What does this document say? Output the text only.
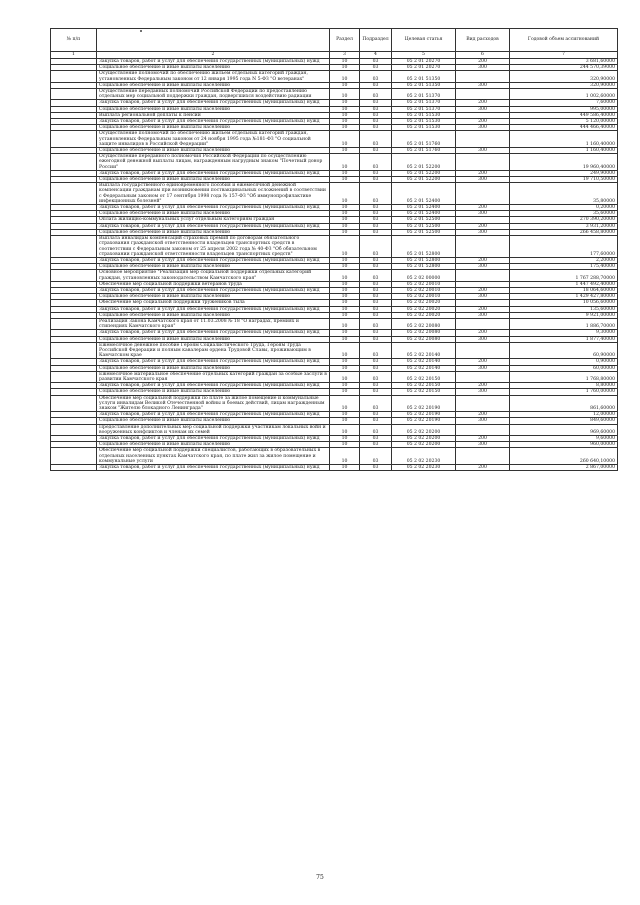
№ п/п		Раздел	Подраздел	Целевая статья	Вид расходов	Годовой объем ассигнований
1	2	3	4	5	6	7
	Закупка товаров, работ и услуг для обеспечения государственных (муниципальных) нужд	10	03	05 2 01 20270	200	3 681,60000
	Социальное обеспечение и иные выплаты населению	10	03	05 2 01 20270	300	244 570,39000
	Осуществление полномочий по обеспечению жильем отдельных категорий граждан, установленных Федеральным законом от 12 января 1995 года N 5-ФЗ "О ветеранах"	10	03	05 2 01 51350		320,90000
	Социальное обеспечение и иные выплаты населению	10	03	05 2 01 51350	300	320,90000
	Осуществление переданных полномочий Российской Федерации по предоставлению отдельных мер социальной поддержки граждан, подвергшихся воздействию радиации	10	03	05 2 01 51370		1 002,60000
	Закупка товаров, работ и услуг для обеспечения государственных (муниципальных) нужд	10	03	05 2 01 51370	200	7,60000
	Социальное обеспечение и иные выплаты населению	10	03	05 2 01 51370	300	995,00000
	Выплата региональной доплаты к пенсии	10	03	05 2 01 51530		449 586,40000
	Закупка товаров, работ и услуг для обеспечения государственных (муниципальных) нужд	10	03	05 2 01 51530	200	5 120,00000
	Социальное обеспечение и иные выплаты населению	10	03	05 2 01 51530	300	444 466,40000
	Осуществление полномочий по обеспечению жильем отдельных категорий граждан, установленных Федеральным законом от 24 ноября 1995 года №181-ФЗ "О социальной защите инвалидов в Российской Федерации"	10	03	05 2 01 51760		1 160,40000
	Социальное обеспечение и иные выплаты населению	10	03	05 2 01 51760	300	1 160,40000
	Осуществление переданного полномочия Российской Федерации по осуществлению ежегодной денежной выплаты лицам, награжденным нагрудным знаком "Почетный донор России"	10	03	05 2 01 52200		19 960,40000
	Закупка товаров, работ и услуг для обеспечения государственных (муниципальных) нужд	10	03	05 2 01 52200	200	249,90000
	Социальное обеспечение и иные выплаты населению	10	03	05 2 01 52200	300	19 710,50000
	Выплата государственного единовременного пособия и ежемесячной денежной компенсации гражданам при возникновении поствакцинальных осложнений в соответствии с Федеральным законом от 17 сентября 1998 года № 157-ФЗ "Об иммунопрофилактике инфекционных болезней"	10	03	05 2 01 52400		35,80000
	Закупка товаров, работ и услуг для обеспечения государственных (муниципальных) нужд	10	03	05 2 01 52400	200	0,20000
	Социальное обеспечение и иные выплаты населению	10	03	05 2 01 52400	300	35,60000
	Оплата жилищно-коммунальных услуг отдельным категориям граждан	10	03	05 2 01 52500		270 390,20000
	Закупка товаров, работ и услуг для обеспечения государственных (муниципальных) нужд	10	03	05 2 01 52500	200	3 931,20000
	Социальное обеспечение и иные выплаты населению	10	03	05 2 01 52500	300	266 458,80000
	Выплата инвалидам компенсаций страховых премий по договорам обязательного страхования гражданской ответственности владельцев транспортных средств в соответствии с Федеральным законом от 25 апреля 2002 года № 40-ФЗ "Об обязательном страховании гражданской ответственности владельцев транспортных средств"	10	03	05 2 01 52800		177,60000
	Закупка товаров, работ и услуг для обеспечения государственных (муниципальных) нужд	10	03	05 2 01 52800	200	2,20000
	Социальное обеспечение и иные выплаты населению	10	03	05 2 01 52800	300	175,40000
	Основное мероприятие "Реализация мер социальной поддержки отдельных категорий граждан, установленных законодательством Камчатского края"	10	03	05 2 02 00000		1 767 288,70000
	Обеспечение мер социальной поддержки ветеранов труда	10	03	05 2 02 20010		1 447 492,40000
	Закупка товаров, работ и услуг для обеспечения государственных (муниципальных) нужд	10	03	05 2 02 20010	200	18 064,60000
	Социальное обеспечение и иные выплаты населению	10	03	05 2 02 20010	300	1 429 427,80000
	Обеспечение мер социальной поддержки тружеников тыла	10	03	05 2 02 20020		10 056,60000
	Закупка товаров, работ и услуг для обеспечения государственных (муниципальных) нужд	10	03	05 2 02 20020	200	135,60000
	Социальное обеспечение и иные выплаты населению	10	03	05 2 02 20020	300	9 921,00000
	Реализация Закона Камчатского края от 11.03.2008 № 18 "О наградах, премиях и стипендиях Камчатского края"	10	03	05 2 02 20080		1 886,70000
	Закупка товаров, работ и услуг для обеспечения государственных (муниципальных) нужд	10	03	05 2 02 20080	200	9,30000
	Социальное обеспечение и иные выплаты населению	10	03	05 2 02 20080	300	1 877,40000
	Ежемесячное денежное пособие Героям Социалистического Труда, Героям Труда Российской Федерации и полным кавалерам ордена Трудовой Славы, проживающим в Камчатском крае	10	03	05 2 02 20140		60,90000
	Закупка товаров, работ и услуг для обеспечения государственных (муниципальных) нужд	10	03	05 2 02 20140	200	0,90000
	Социальное обеспечение и иные выплаты населению	10	03	05 2 02 20140	300	60,00000
	Ежемесячное материальное обеспечение отдельных категорий граждан за особые заслуги в развитии Камчатского края	10	03	05 2 02 20150		1 768,80000
	Закупка товаров, работ и услуг для обеспечения государственных (муниципальных) нужд	10	03	05 2 02 20150	200	8,80000
	Социальное обеспечение и иные выплаты населению	10	03	05 2 02 20150	300	1 760,00000
	Обеспечение мер социальной поддержки по плате за жилое помещение и коммунальные услуги инвалидам Великой Отечественной войны и боевых действий, лицам награжденным знаком "Жителю блокадного Ленинграда"	10	03	05 2 02 20190		861,60000
	Закупка товаров, работ и услуг для обеспечения государственных (муниципальных) нужд	10	03	05 2 02 20190	200	12,00000
	Социальное обеспечение и иные выплаты населению	10	03	05 2 02 20190	300	849,60000
	Предоставление дополнительных мер социальной поддержки участникам локальных войн и вооруженных конфликтов и членам их семей	10	03	05 2 02 20200		969,60000
	Закупка товаров, работ и услуг для обеспечения государственных (муниципальных) нужд	10	03	05 2 02 20200	200	9,60000
	Социальное обеспечение и иные выплаты населению	10	03	05 2 02 20200	300	960,00000
	Обеспечение мер социальной поддержки специалистов, работающих в образовательных в отдельных населенных пунктах Камчатского края, по плате жил за жилое помещение и коммунальные услуги	10	03	05 2 02 20230		260 640,10000
	Закупка товаров, работ и услуг для обеспечения государственных (муниципальных) нужд	10	03	05 2 02 20230	200	2 867,00000
75
